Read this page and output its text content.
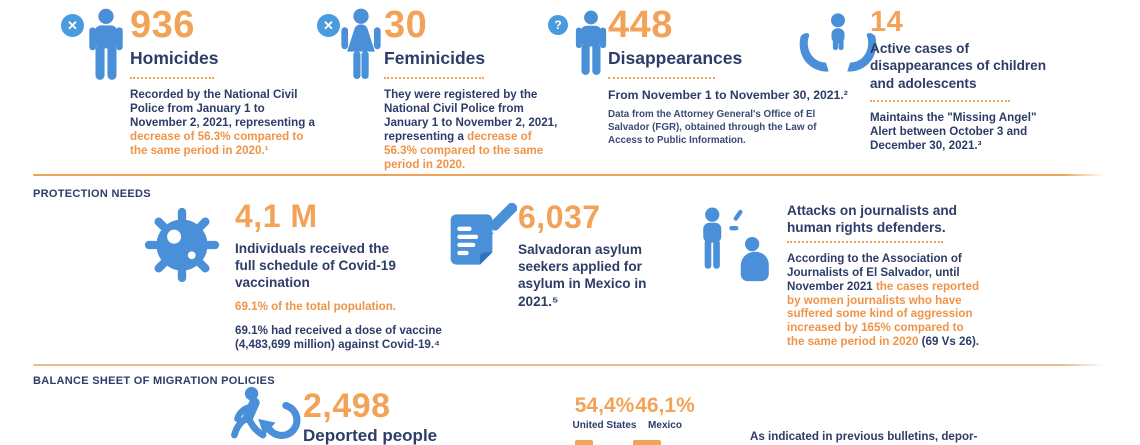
✕ 936
Homicides

Recorded by the National Civil Police from January 1 to November 2, 2021, representing a decrease of 56.3% compared to the same period in 2020.¹

✕ 30
Feminicides

They were registered by the National Civil Police from January 1 to November 2, 2021, representing a decrease of 56.3% compared to the same period in 2020.

? 448
Disappearances
From November 1 to November 30, 2021.²

Data from the Attorney General's Office of El Salvador (FGR), obtained through the Law of Access to Public Information.

14
Active cases of disappearances of children and adolescents

Maintains the "Missing Angel" Alert between October 3 and December 30, 2021.³

PROTECTION NEEDS
4,1 M
Individuals received the full schedule of Covid-19 vaccination
69.1% of the total population.

69.1% had received a dose of vaccine (4,483,699 million) against Covid-19.⁴

6,037
Salvadoran asylum seekers applied for asylum in Mexico in 2021.⁵
Attacks on journalists and human rights defenders.

According to the Association of Journalists of El Salvador, until November 2021 the cases reported by women journalists who have suffered some kind of aggression increased by 165% compared to the same period in 2020 (69 Vs 26).

BALANCE SHEET OF MIGRATION POLICIES
2,498
Deported people
54,4%
United States
46,1%
Mexico

As indicated in previous bulletins, depor-
